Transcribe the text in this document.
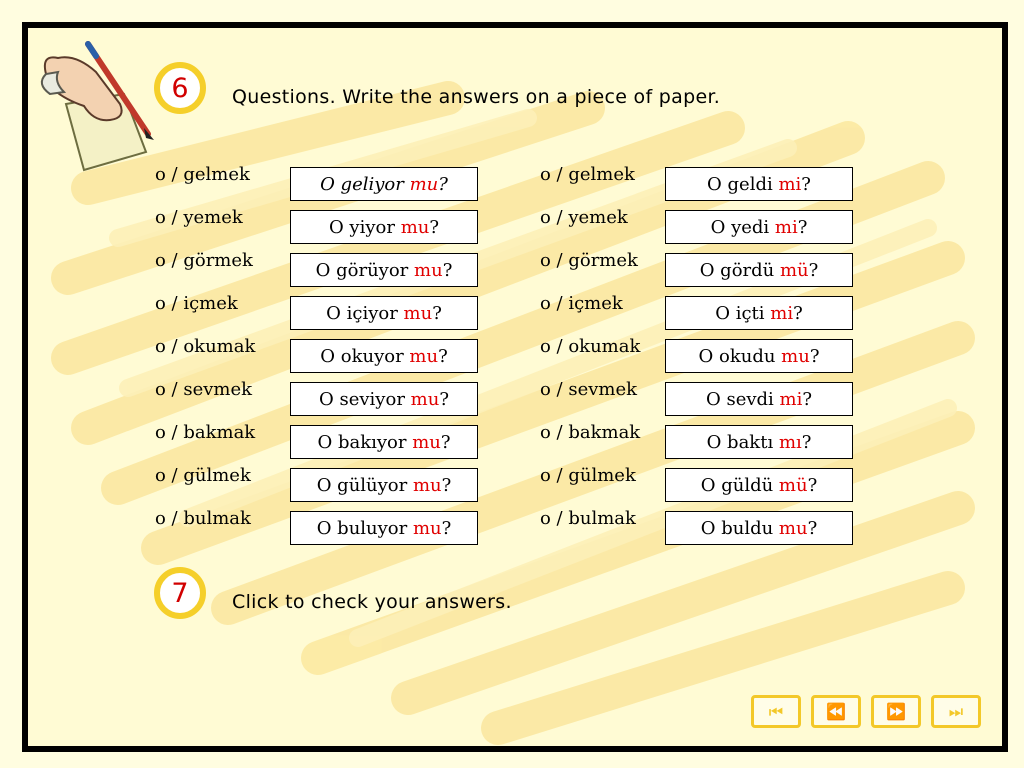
6	Questions. Write the answers on a piece of paper.
o / gelmek	O geliyor mu ?
o / yemek	O yiyor mu ?
o / görmek	O görüyor mu ?
o / içmek	O içiyor mu ?
o / okumak	O okuyor mu ?
o / sevmek	O seviyor mu ?
o / bakmak	O bakıyor mu ?
o / gülmek	O gülüyor mu ?
o / bulmak	O buluyor mu ?
o / gelmek	O geldi mi ?
o / yemek	O yedi mi ?
o / görmek	O gördü mü ?
o / içmek	O içti mi ?
o / okumak	O okudu mu ?
o / sevmek	O sevdi mi ?
o / bakmak	O baktı mı ?
o / gülmek	O güldü mü ?
o / bulmak	O buldu mu ?
7	Click to check your answers.
⏮	⏪	⏩	⏭
